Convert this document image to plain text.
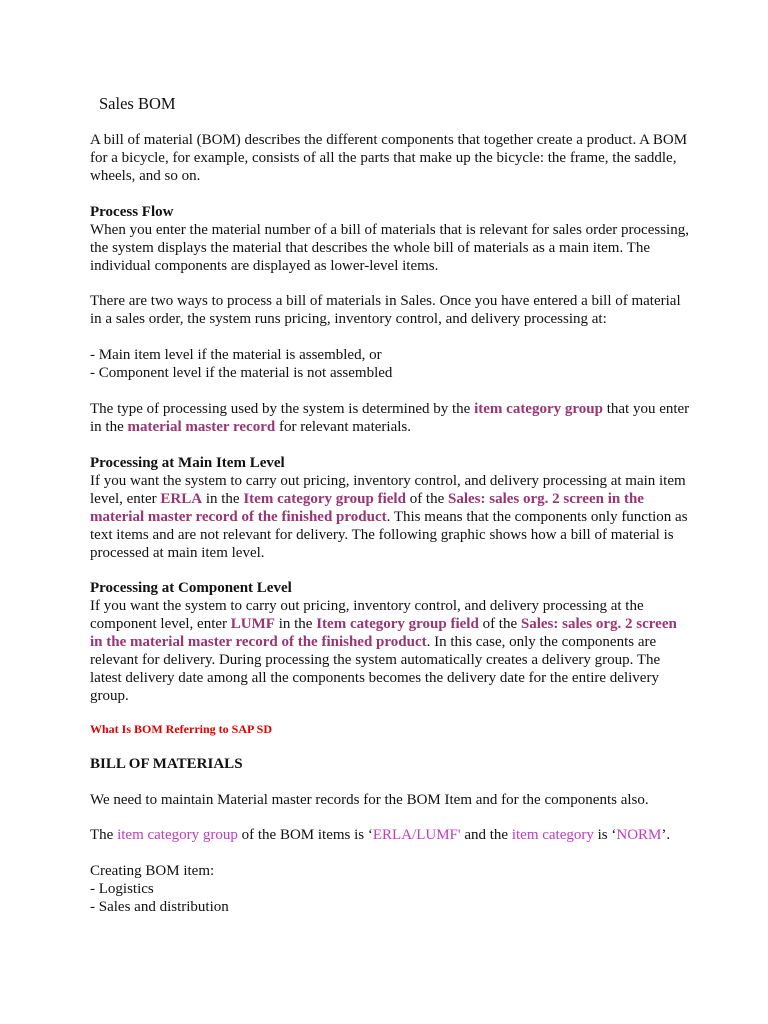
Sales BOM

A bill of material (BOM) describes the different components that together create a product. A BOM for a bicycle, for example, consists of all the parts that make up the bicycle: the frame, the saddle, wheels, and so on.

Process Flow
When you enter the material number of a bill of materials that is relevant for sales order processing, the system displays the material that describes the whole bill of materials as a main item. The individual components are displayed as lower-level items.

There are two ways to process a bill of materials in Sales. Once you have entered a bill of material in a sales order, the system runs pricing, inventory control, and delivery processing at:

- Main item level if the material is assembled, or
- Component level if the material is not assembled

The type of processing used by the system is determined by the item category group that you enter in the material master record for relevant materials.

Processing at Main Item Level
If you want the system to carry out pricing, inventory control, and delivery processing at main item level, enter ERLA in the Item category group field of the Sales: sales org. 2 screen in the material master record of the finished product. This means that the components only function as text items and are not relevant for delivery. The following graphic shows how a bill of material is processed at main item level.
Processing at Component Level
If you want the system to carry out pricing, inventory control, and delivery processing at the component level, enter LUMF in the Item category group field of the Sales: sales org. 2 screen in the material master record of the finished product. In this case, only the components are relevant for delivery. During processing the system automatically creates a delivery group. The latest delivery date among all the components becomes the delivery date for the entire delivery group.
What Is BOM Referring to SAP SD
BILL OF MATERIALS

We need to maintain Material master records for the BOM Item and for the components also.

The item category group of the BOM items is ‘ERLA/LUMF' and the item category is ‘NORM’.

Creating BOM item:
- Logistics
- Sales and distribution
